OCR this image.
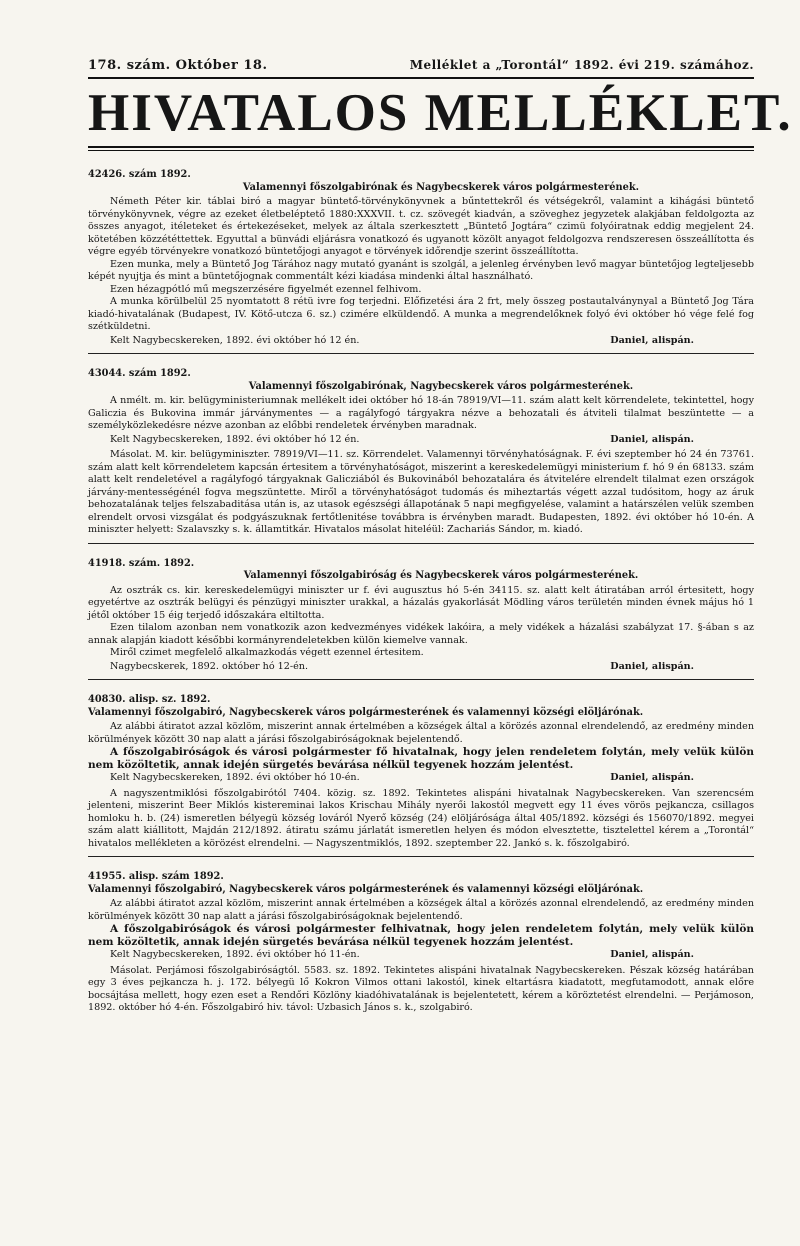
178. szám. Október 18.	Melléklet a „Torontál“ 1892. évi 219. számához.
HIVATALOS MELLÉKLET.
42426. szám 1892.
Valamennyi főszolgabirónak és Nagybecskerek város polgármesterének.

Németh Péter kir. táblai biró a magyar büntető-törvénykönyvnek a bűntettekről és vétségekről, valamint a kihágási büntető törvénykönyvnek, végre az ezeket életbeléptető 1880:XXXVII. t. cz. szövegét kiadván, a szöveghez jegyzetek alakjában feldolgozta az összes anyagot, itéleteket és értekezéseket, melyek az általa szerkesztett „Büntető Jogtára“ czimü folyóiratnak eddig megjelent 24. kötetében közzététtettek. Egyuttal a bünvádi eljárásra vonatkozó és ugyanott közölt anyagot feldolgozva rendszeresen összeállította és végre egyéb törvényekre vonatkozó büntetőjogi anyagot e törvények időrendje szerint összeállította.

Ezen munka, mely a Büntető Jog Tárához nagy mutató gyanánt is szolgál, a jelenleg érvényben levő magyar büntetőjog legteljesebb képét nyujtja és mint a büntetőjognak commentált kézi kiadása mindenki által használható.

Ezen hézagpótló mű megszerzésére figyelmét ezennel felhivom.

A munka körülbelül 25 nyomtatott 8 rétü ivre fog terjedni. Előfizetési ára 2 frt, mely összeg postautalványnyal a Büntető Jog Tára kiadó-hivatalának (Budapest, IV. Kötő-utcza 6. sz.) czimére elküldendő. A munka a megrendelőknek folyó évi október hó vége felé fog szétküldetni.

Kelt Nagybecskereken, 1892. évi október hó 12 én.	Daniel, alispán.
43044. szám 1892.
Valamennyi főszolgabirónak, Nagybecskerek város polgármesterének.

A nmélt. m. kir. belügyministeriumnak mellékelt idei október hó 18-án 78919/VI—11. szám alatt kelt körrendelete, tekintettel, hogy Galiczia és Bukovina immár járványmentes — a ragályfogó tárgyakra nézve a behozatali és átviteli tilalmat beszüntette — a személyközlekedésre nézve azonban az előbbi rendeletek érvényben maradnak.

Kelt Nagybecskereken, 1892. évi október hó 12 én.	Daniel, alispán.

Másolat. M. kir. belügyminiszter. 78919/VI—11. sz. Körrendelet. Valamennyi törvényhatóságnak. F. évi szeptember hó 24 én 73761. szám alatt kelt körrendeletem kapcsán értesitem a törvényhatóságot, miszerint a kereskedelemügyi ministerium f. hó 9 én 68133. szám alatt kelt rendeletével a ragályfogó tárgyaknak Galicziából és Bukovinából behozatalára és átvitelére elrendelt tilalmat ezen országok járvány-mentességénél fogva megszüntette. Miről a törvényhatóságot tudomás és miheztartás végett azzal tudósitom, hogy az áruk behozatalának teljes felszabaditása után is, az utasok egészségi állapotának 5 napi megfigyelése, valamint a határszélen velük szemben elrendelt orvosi vizsgálat és podgyászuknak fertőtlenitése továbbra is érvényben maradt. Budapesten, 1892. évi október hó 10-én. A miniszter helyett: Szalavszky s. k. államtitkár. Hivatalos másolat hiteléül: Zachariás Sándor, m. kiadó.

41918. szám. 1892.
Valamennyi főszolgabiróság és Nagybecskerek város polgármesterének.

Az osztrák cs. kir. kereskedelemügyi miniszter ur f. évi augusztus hó 5-én 34115. sz. alatt kelt átiratában arról értesitett, hogy egyetértve az osztrák belügyi és pénzügyi miniszter urakkal, a házalás gyakorlását Mödling város területén minden évnek május hó 1 jétől október 15 éig terjedő időszakára eltiltotta.

Ezen tilalom azonban nem vonatkozik azon kedvezményes vidékek lakóira, a mely vidékek a házalási szabályzat 17. §-ában s az annak alapján kiadott későbbi kormányrendeletekben külön kiemelve vannak.

Miről czimet megfelelő alkalmazkodás végett ezennel értesitem.

Nagybecskerek, 1892. október hó 12-én.	Daniel, alispán.
40830. alisp. sz. 1892.
Valamennyi főszolgabiró, Nagybecskerek város polgármesterének és valamennyi községi elöljárónak.

Az alábbi átiratot azzal közlöm, miszerint annak értelmében a községek által a körözés azonnal elrendelendő, az eredmény minden körülmények között 30 nap alatt a járási főszolgabiróságoknak bejelentendő.

A főszolgabiróságok és városi polgármester fő hivatalnak, hogy jelen rendeletem folytán, mely velük külön nem közöltetik, annak idején sürgetés bevárása nélkül tegyenek hozzám jelentést.

Kelt Nagybecskereken, 1892. évi október hó 10-én.	Daniel, alispán.

A nagyszentmiklósi főszolgabirótól 7404. közig. sz. 1892. Tekintetes alispáni hivatalnak Nagybecskereken. Van szerencsém jelenteni, miszerint Beer Miklós kistereminai lakos Krischau Mihály nyerői lakostól megvett egy 11 éves vörös pejkancza, csillagos homloku h. b. (24) ismeretlen bélyegü község lováról Nyerő község (24) elöljárósága által 405/1892. községi és 156070/1892. megyei szám alatt kiállitott, Majdán 212/1892. átiratu számu járlatát ismeretlen helyen és módon elvesztette, tisztelettel kérem a „Torontál“ hivatalos mellékleten a körözést elrendelni. — Nagyszentmiklós, 1892. szeptember 22. Jankó s. k. főszolgabiró.

41955. alisp. szám 1892.
Valamennyi főszolgabiró, Nagybecskerek város polgármesterének és valamennyi községi elöljárónak.

Az alábbi átiratot azzal közlöm, miszerint annak értelmében a községek által a körözés azonnal elrendelendő, az eredmény minden körülmények között 30 nap alatt a járási főszolgabiróságoknak bejelentendő.

A főszolgabiróságok és városi polgármester felhivatnak, hogy jelen rendeletem folytán, mely velük külön nem közöltetik, annak idején sürgetés bevárása nélkül tegyenek hozzám jelentést.

Kelt Nagybecskereken, 1892. évi október hó 11-én.	Daniel, alispán.

Másolat. Perjámosi főszolgabiróságtól. 5583. sz. 1892. Tekintetes alispáni hivatalnak Nagybecskereken. Pészak község határában egy 3 éves pejkancza h. j. 172. bélyegü lő Kokron Vilmos ottani lakostól, kinek eltartásra kiadatott, megfutamodott, annak előre bocsájtása mellett, hogy ezen eset a Rendőri Közlöny kiadóhivatalának is bejelentetett, kérem a köröztetést elrendelni. — Perjámoson, 1892. október hó 4-én. Főszolgabiró hiv. távol: Uzbasich János s. k., szolgabiró.
